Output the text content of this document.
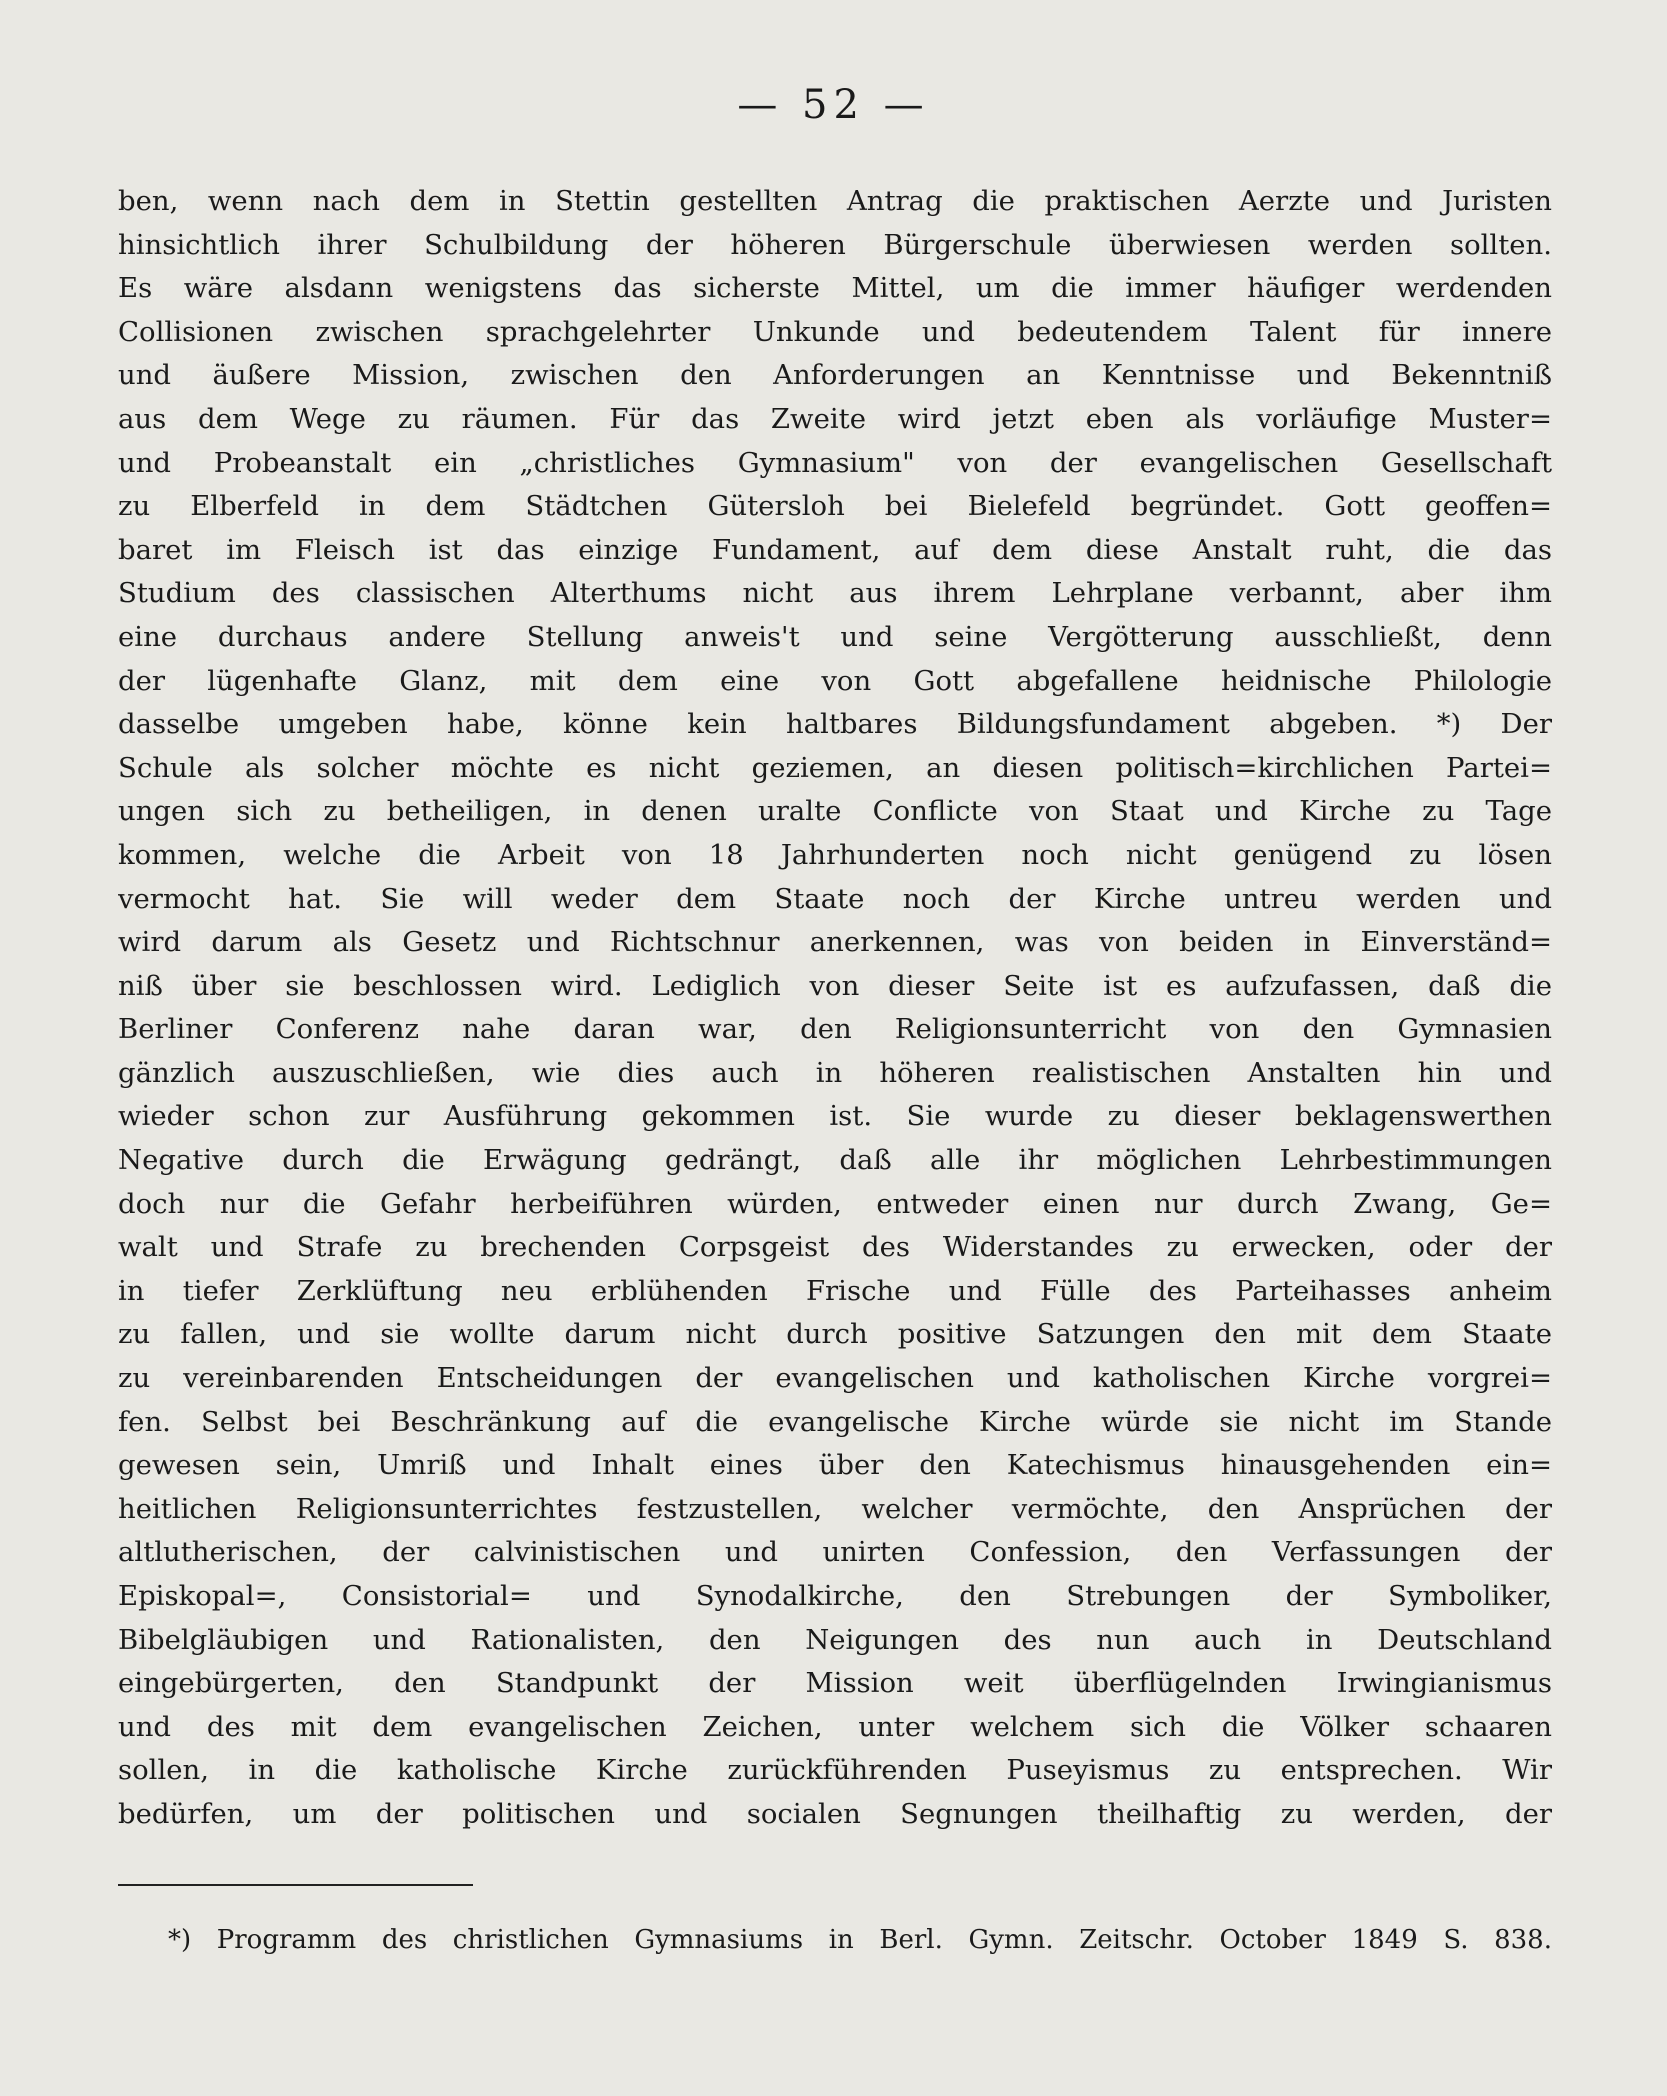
— 52 —
ben, wenn nach dem in Stettin gestellten Antrag die praktischen Aerzte und Juristen
hinsichtlich ihrer Schulbildung der höheren Bürgerschule überwiesen werden sollten.
Es wäre alsdann wenigstens das sicherste Mittel, um die immer häufiger werdenden
Collisionen zwischen sprachgelehrter Unkunde und bedeutendem Talent für innere
und äußere Mission, zwischen den Anforderungen an Kenntnisse und Bekenntniß
aus dem Wege zu räumen. Für das Zweite wird jetzt eben als vorläufige Muster=
und Probeanstalt ein „christliches Gymnasium" von der evangelischen Gesellschaft
zu Elberfeld in dem Städtchen Gütersloh bei Bielefeld begründet. Gott geoffen=
baret im Fleisch ist das einzige Fundament, auf dem diese Anstalt ruht, die das
Studium des classischen Alterthums nicht aus ihrem Lehrplane verbannt, aber ihm
eine durchaus andere Stellung anweis't und seine Vergötterung ausschließt, denn
der lügenhafte Glanz, mit dem eine von Gott abgefallene heidnische Philologie
dasselbe umgeben habe, könne kein haltbares Bildungsfundament abgeben. *) Der
Schule als solcher möchte es nicht geziemen, an diesen politisch=kirchlichen Partei=
ungen sich zu betheiligen, in denen uralte Conflicte von Staat und Kirche zu Tage
kommen, welche die Arbeit von 18 Jahrhunderten noch nicht genügend zu lösen
vermocht hat. Sie will weder dem Staate noch der Kirche untreu werden und
wird darum als Gesetz und Richtschnur anerkennen, was von beiden in Einverständ=
niß über sie beschlossen wird. Lediglich von dieser Seite ist es aufzufassen, daß die
Berliner Conferenz nahe daran war, den Religionsunterricht von den Gymnasien
gänzlich auszuschließen, wie dies auch in höheren realistischen Anstalten hin und
wieder schon zur Ausführung gekommen ist. Sie wurde zu dieser beklagenswerthen
Negative durch die Erwägung gedrängt, daß alle ihr möglichen Lehrbestimmungen
doch nur die Gefahr herbeiführen würden, entweder einen nur durch Zwang, Ge=
walt und Strafe zu brechenden Corpsgeist des Widerstandes zu erwecken, oder der
in tiefer Zerklüftung neu erblühenden Frische und Fülle des Parteihasses anheim
zu fallen, und sie wollte darum nicht durch positive Satzungen den mit dem Staate
zu vereinbarenden Entscheidungen der evangelischen und katholischen Kirche vorgrei=
fen. Selbst bei Beschränkung auf die evangelische Kirche würde sie nicht im Stande
gewesen sein, Umriß und Inhalt eines über den Katechismus hinausgehenden ein=
heitlichen Religionsunterrichtes festzustellen, welcher vermöchte, den Ansprüchen der
altlutherischen, der calvinistischen und unirten Confession, den Verfassungen der
Episkopal=, Consistorial= und Synodalkirche, den Strebungen der Symboliker,
Bibelgläubigen und Rationalisten, den Neigungen des nun auch in Deutschland
eingebürgerten, den Standpunkt der Mission weit überflügelnden Irwingianismus
und des mit dem evangelischen Zeichen, unter welchem sich die Völker schaaren
sollen, in die katholische Kirche zurückführenden Puseyismus zu entsprechen. Wir
bedürfen, um der politischen und socialen Segnungen theilhaftig zu werden, der
*) Programm des christlichen Gymnasiums in Berl. Gymn. Zeitschr. October 1849 S. 838.
